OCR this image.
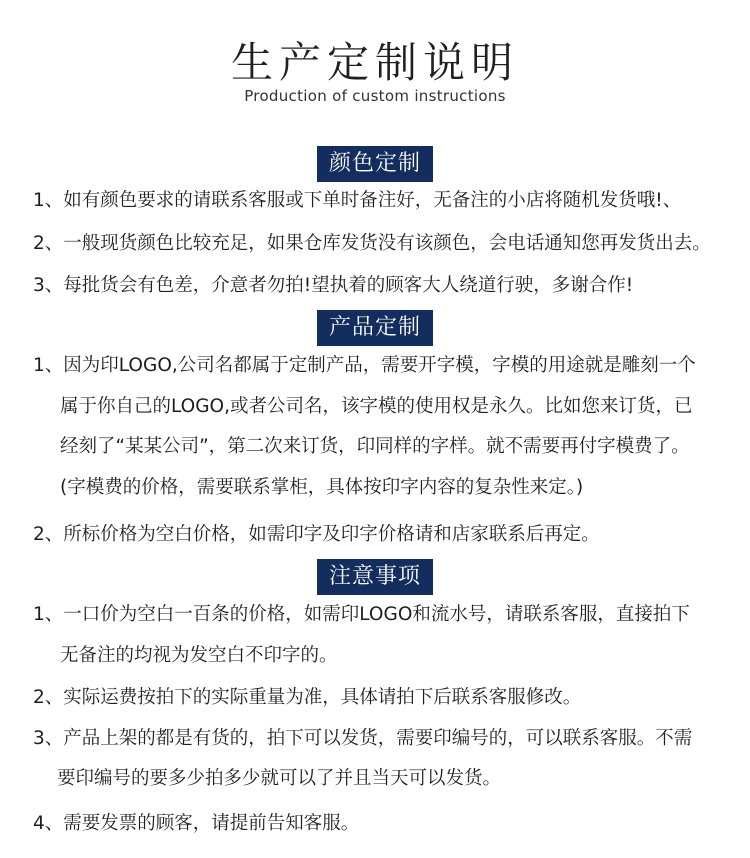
生产定制说明
Production of custom instructions
颜色定制
1、如有颜色要求的请联系客服或下单时备注好，无备注的小店将随机发货哦!、
2、一般现货颜色比较充足，如果仓库发货没有该颜色，会电话通知您再发货出去。
3、每批货会有色差，介意者勿拍!望执着的顾客大人绕道行驶，多谢合作!
产品定制
1、因为印LOGO,公司名都属于定制产品，需要开字模，字模的用途就是雕刻一个
属于你自己的LOGO,或者公司名，该字模的使用权是永久。比如您来订货，已
经刻了“某某公司”，第二次来订货，印同样的字样。就不需要再付字模费了。
(字模费的价格，需要联系掌柜，具体按印字内容的复杂性来定。)
2、所标价格为空白价格，如需印字及印字价格请和店家联系后再定。
注意事项
1、一口价为空白一百条的价格，如需印LOGO和流水号，请联系客服，直接拍下
无备注的均视为发空白不印字的。
2、实际运费按拍下的实际重量为准，具体请拍下后联系客服修改。
3、产品上架的都是有货的，拍下可以发货，需要印编号的，可以联系客服。不需
要印编号的要多少拍多少就可以了并且当天可以发货。
4、需要发票的顾客，请提前告知客服。
